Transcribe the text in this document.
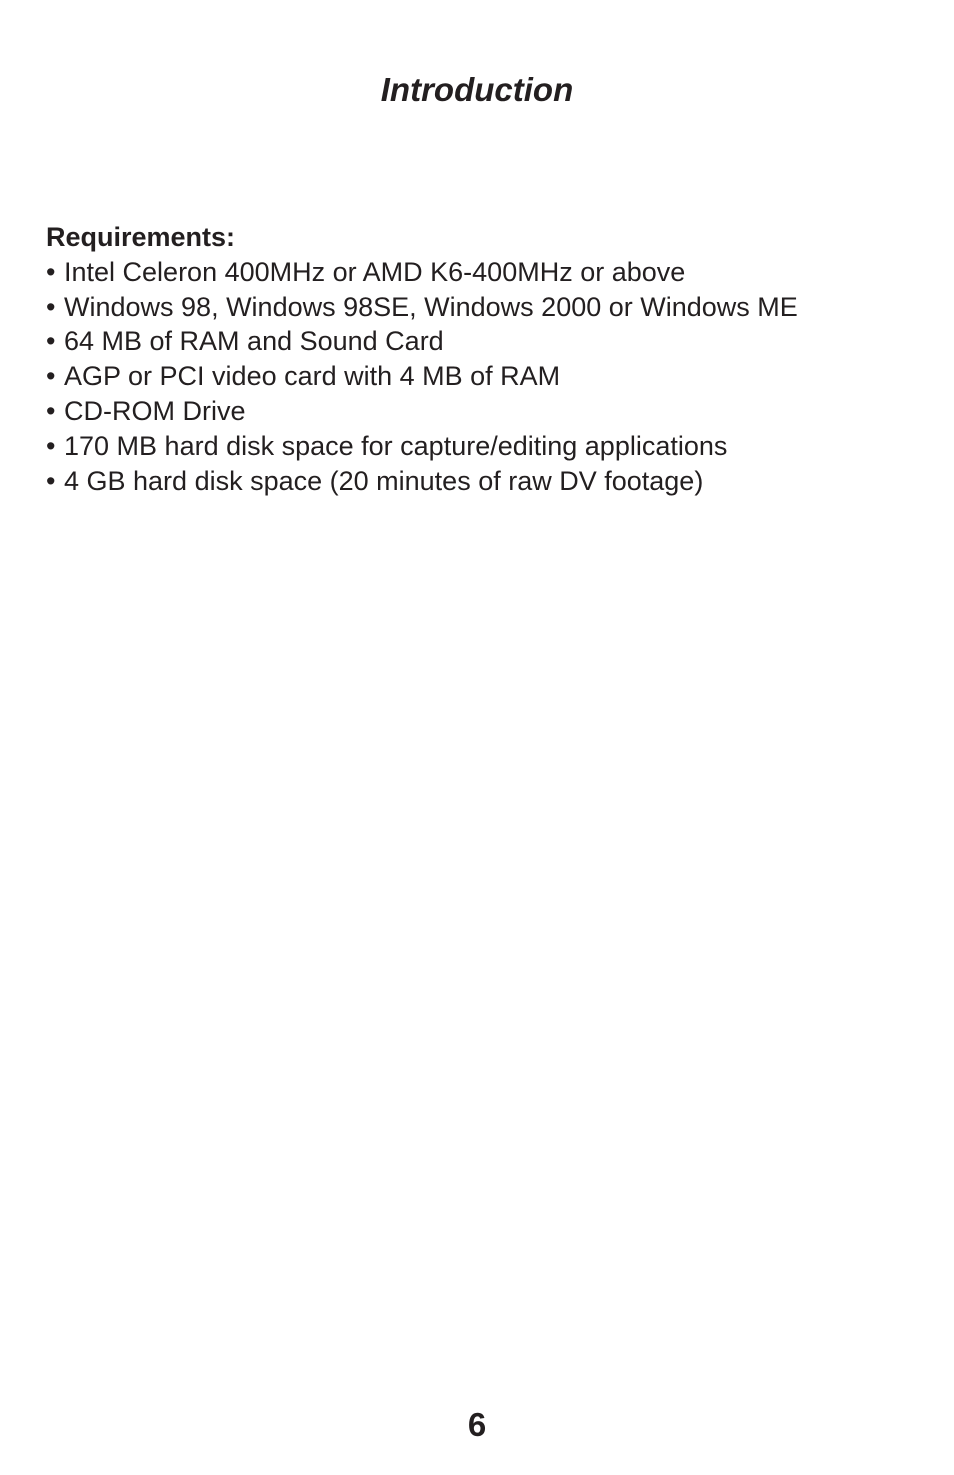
Introduction
Requirements:
• Intel Celeron 400MHz or AMD K6-400MHz or above
• Windows 98, Windows 98SE, Windows 2000 or Windows ME
• 64 MB of RAM and Sound Card
• AGP or PCI video card with 4 MB of RAM
• CD-ROM Drive
• 170 MB hard disk space for capture/editing applications
• 4 GB hard disk space (20 minutes of raw DV footage)
6
